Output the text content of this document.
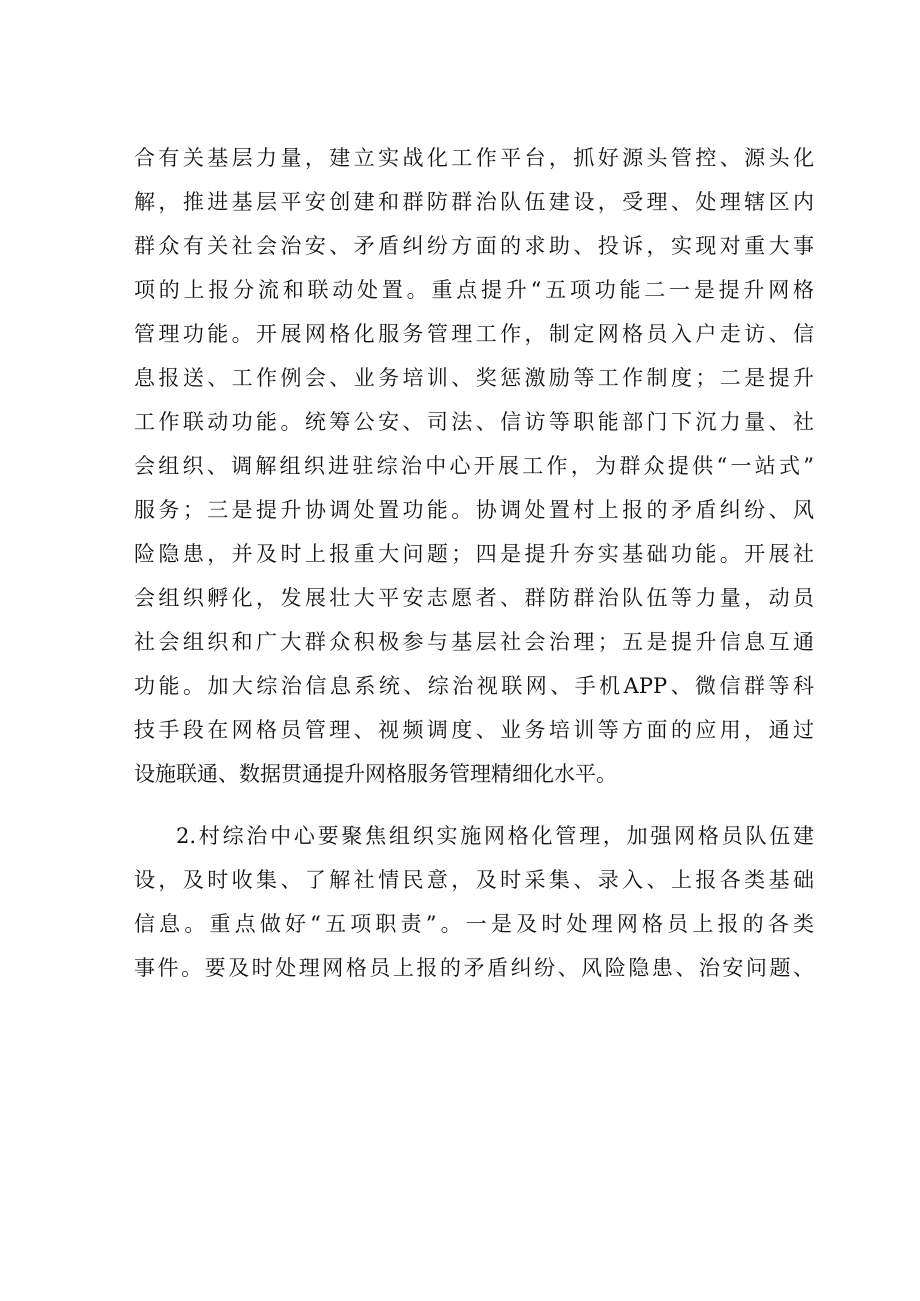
合有关基层力量，建立实战化工作平台，抓好源头管控、源头化
解，推进基层平安创建和群防群治队伍建设，受理、处理辖区内
群众有关社会治安、矛盾纠纷方面的求助、投诉，实现对重大事
项的上报分流和联动处置。重点提升“五项功能二一是提升网格
管理功能。开展网格化服务管理工作，制定网格员入户走访、信
息报送、工作例会、业务培训、奖惩激励等工作制度；二是提升
工作联动功能。统筹公安、司法、信访等职能部门下沉力量、社
会组织、调解组织进驻综治中心开展工作，为群众提供“一站式”
服务；三是提升协调处置功能。协调处置村上报的矛盾纠纷、风
险隐患，并及时上报重大问题；四是提升夯实基础功能。开展社
会组织孵化，发展壮大平安志愿者、群防群治队伍等力量，动员
社会组织和广大群众积极参与基层社会治理；五是提升信息互通
功能。加大综治信息系统、综治视联网、手机APP、微信群等科
技手段在网格员管理、视频调度、业务培训等方面的应用，通过
设施联通、数据贯通提升网格服务管理精细化水平。
2.村综治中心要聚焦组织实施网格化管理，加强网格员队伍建
设，及时收集、了解社情民意，及时采集、录入、上报各类基础
信息。重点做好“五项职责”。一是及时处理网格员上报的各类
事件。要及时处理网格员上报的矛盾纠纷、风险隐患、治安问题、
